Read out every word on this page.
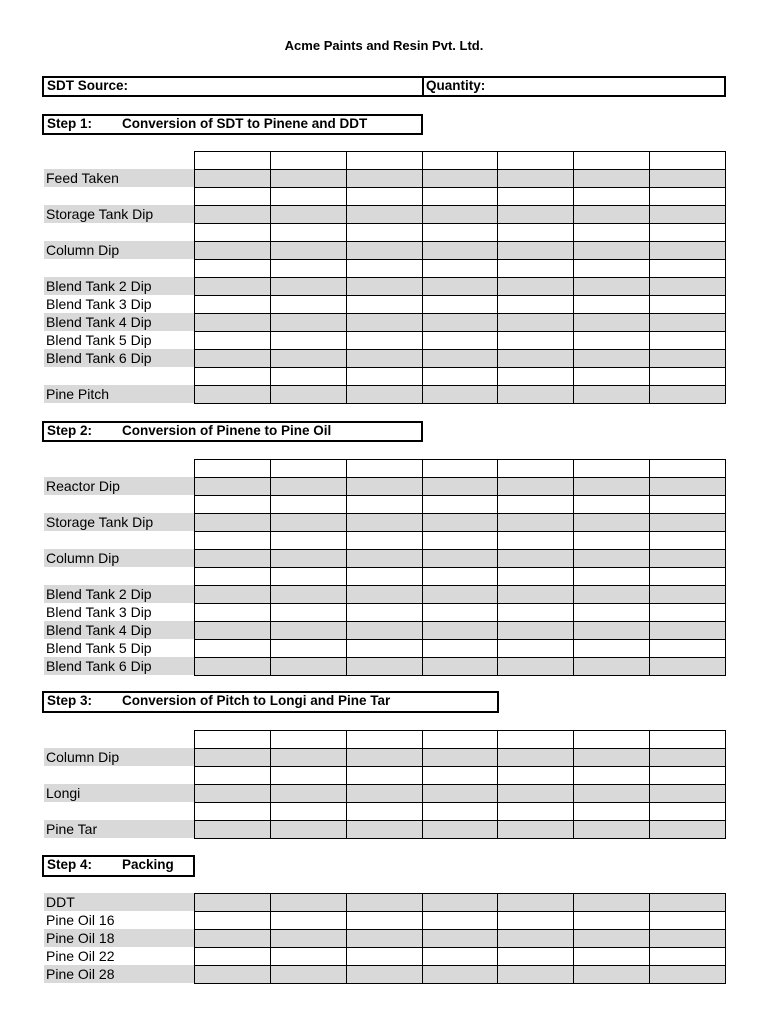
Acme Paints and Resin Pvt. Ltd.
SDT Source:	Quantity:
Step 1: Conversion of SDT to Pinene and DDT
Step 2: Conversion of Pinene to Pine Oil
Step 3: Conversion of Pitch to Longi and Pine Tar
Step 4: Packing
Feed Taken
Storage Tank Dip
Column Dip
Blend Tank 2 Dip
Blend Tank 3 Dip
Blend Tank 4 Dip
Blend Tank 5 Dip
Blend Tank 6 Dip
Pine Pitch

Reactor Dip
Storage Tank Dip
Column Dip
Blend Tank 2 Dip
Blend Tank 3 Dip
Blend Tank 4 Dip
Blend Tank 5 Dip
Blend Tank 6 Dip

Column Dip
Longi
Pine Tar

DDT
Pine Oil 16
Pine Oil 18
Pine Oil 22
Pine Oil 28
